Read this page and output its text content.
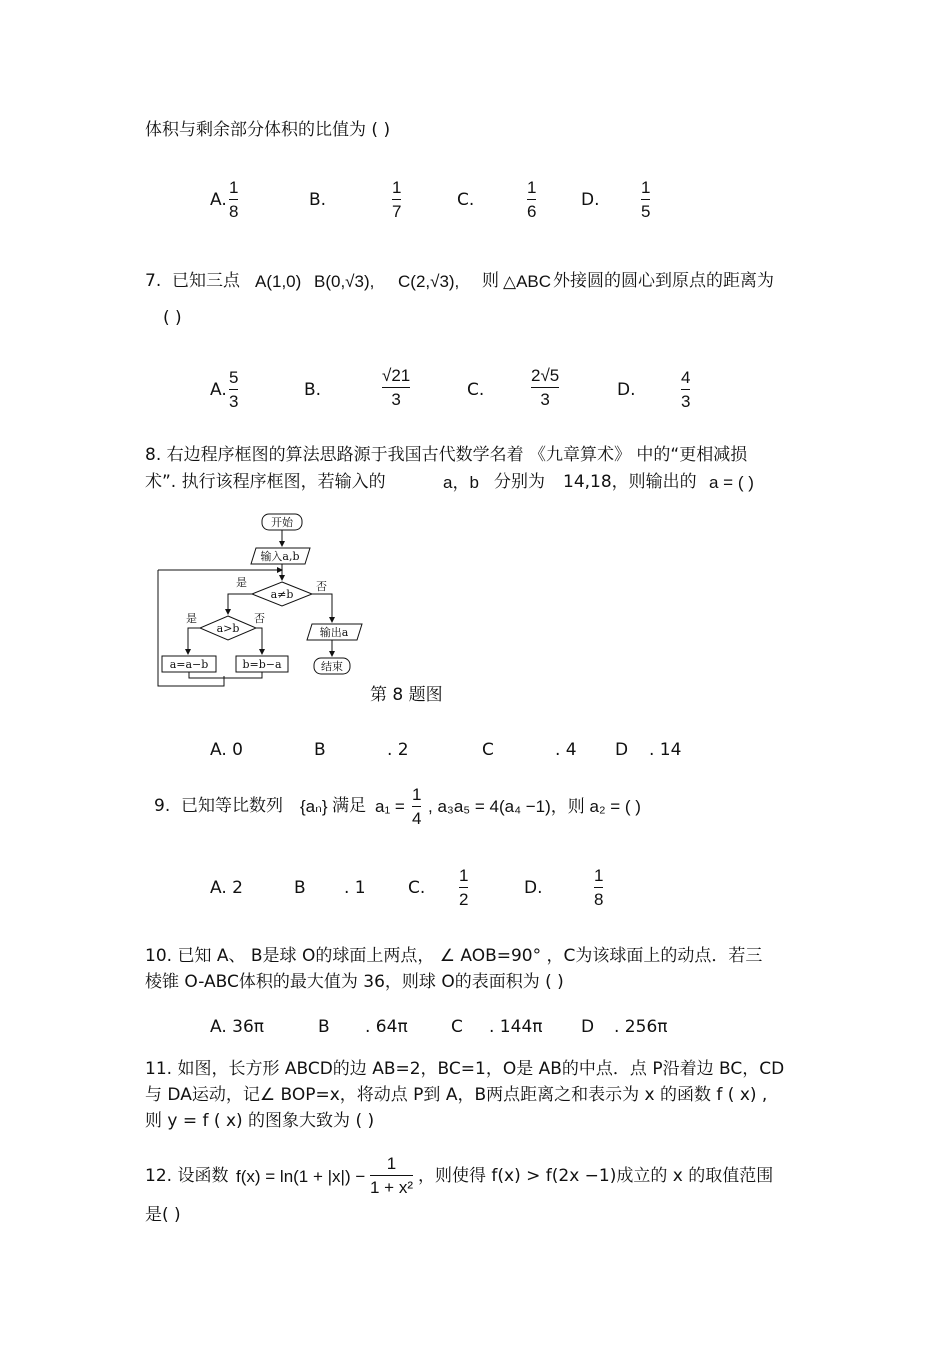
体积与剩余部分体积的比值为 ( )
A.
1
8
B.
1
7
C.
1
6
D.
1
5
7. 已知三点 A(1,0) B(0,√3), C(2,√3), 则 △ABC 外接圆的圆心到原点的距离为
( )
A.
5
3
B.
√21
3	C.
2√5
3	D.
4
3
8. 右边程序框图的算法思路源于我国古代数学名着 《九章算术》 中的“更相减损
术”. 执行该程序框图，若输入的	a，b 分别为 14,18，则输出的 a = ( )
开始
输入a,b
a≠b
是	否
a>b
是	否
a=a−b	b=b−a
输出a
结束
第 8 题图
A. 0	B	. 2	C	. 4 D . 14
9. 已知等比数列 {aₙ} 满足 a₁ =
1
4
, a₃a₅ = 4(a₄ −1)，则 a₂ = ( )
A. 2	B . 1 C.
1
2
D.
1
8
10. 已知 A、 B是球 O的球面上两点， ∠ AOB=90° ，C为该球面上的动点．若三
棱锥 O-ABC体积的最大值为 36，则球 O的表面积为 ( )
A. 36π	B . 64π	C . 144π D . 256π
11. 如图，长方形 ABCD的边 AB=2，BC=1，O是 AB的中点．点 P沿着边 BC，CD
与 DA运动，记∠ BOP=x，将动点 P到 A，B两点距离之和表示为 x 的函数 f ( x) ,
则 y = f ( x) 的图象大致为 ( )
12. 设函数 f(x) = ln(1 + |x|) −
1
1 + x²
，则使得 f(x) > f(2x −1)成立的 x 的取值范围
是( )
